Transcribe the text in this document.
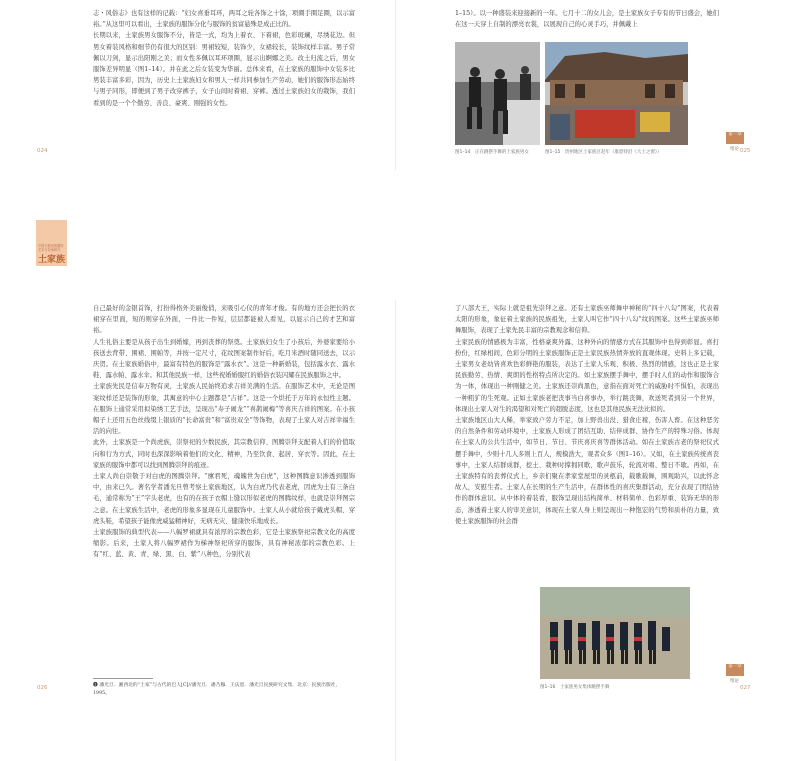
志・风俗志》也有这样的记载：“妇女喜垂耳环，两耳之轮各饰之十馀，项圈手圈足圈，以示富裕。”从这里可以看出，土家族的服饰分化与服饰的贫富悬殊是成正比的。
长期以来，土家族男女服饰不分，皆是一式，均为上着衣、下着裙，色彩斑斓，尽绣花边。但男女着装风格和细节仍有很大的区别：男裙较短，装饰少，女裙较长，装饰纹样丰富。男子常佩以刀剑，显示出阳刚之美；而女性多佩以耳环项圈，显示出婀娜之美。改土归流之后，男女服饰差异明显（图1–14）。并在此之后女装变为华丽。总体来看，在土家族的服饰中女装多比男装丰富多彩，因为，历史上土家族妇女和男人一样共同参加生产劳动，她们的服饰形态始终与男子同形，即便到了男子改穿裤子，女子山间时着裙、穿裤。透过土家族妇女的栽饰，我们看到的是一个个勤劳、善良、豪爽、刚强的女性。
024
1–15）。以一种盛装来迎接新的一年。七月十二的女儿会，是土家族女子专有的节日盛会，她们在这一天穿上自制的漂亮衣裳，以展现自己的心灵手巧，并佩戴上
图1–14　正在跳摆手舞的土家族男女	图1–15　贵州地区土家族过赶年（康恩特沿《大土之窗》）
第一章
绪论 025
中国少数民族服饰艺术与传承研究
土家族
自己最好的金银首饰，打扮得格外美丽俊俏，来吸引心仪的青年才俊。有的地方还会把长的衣裙穿在里面，短的则穿在外面，一件比一件短，层层都能被人看见，以显示自己的才艺和富裕。
人生礼俗主要是从孩子出生到婚嫁，再到丧葬的祭奠。土家族妇女生了小孩后，外婆家要给小孩送去背带、围裙、围帕等，并按一定尺寸，花纹图案制作好后，吃月米酒时随同送去，以示庆贺。在土家族婚俗中，最富有特色的服饰是“露水衣”。这是一种新婚装，包括露水衣、露水鞋、露水帕、露水伞。和其他民族一样，这些祝婚婚服红的婚俗衣装闪耀在民族服饰之中。
土家族先民是信奉万物有灵，土家族人民始终追求吉祥美满的生活。在服饰艺术中，无论是图案纹样还是装饰的形象，其寓意的中心主题都是“吉祥”。这是一个烘托于万年的永恒性主题。在服饰上通常采用拟染绣工艺手法，呈现出“寿子闹龙”“喜鹊闹梅”等喜庆吉祥的图案。在小孩帽子上还用五色丝线缀上银质的“长命富贵”和“富贵双全”等饰物，表现了土家人对吉祥幸福生活的向往。
此外，土家族是一个尚虎族，崇祭祀的少数民族，其宗教信仰、图腾崇拜支配着人们的价值取向和行为方式，同时也深深影响着他们的文化、精神，乃至饮食、起居、穿衣等。因此，在土家族的服饰中都可以找到图腾崇拜的痕迹。
土家人尚白崇敬于对白虎的图腾崇拜。“廪君死，魂魄世为白虎”，这种图腾意识渗透到服饰中，由来已久。著名学者潘光旦曾考察土家族地区，认为白虎乃代表老虎，因虎为土有三条白毛，通常称为“王”字头老虎，也有的在孩子衣帽上缝以形似老虎的图腾纹样，也就是崇拜图宗之意。在土家族生活中，老虎的形象多显现在儿童服饰中。土家人从小就给孩子戴虎头帽、穿虎头鞋，希望孩子能像虎威猛精神好，无病无灾、健康快乐地成长。
土家族服饰的典型代表——八幅罗裙就具有浓厚的宗教色彩，它是土家族祭祀宗教文化的高度缩影。后来，土家人将八幅罗裙作为梯神祭祀所穿的服饰，具有神秘浓郁的宗教色彩。上有“红、蓝、黄、青、绿、黑、白、紫”八种色，分别代表
❶ 潘光旦．湘西北的“土家”与古代的巴人[C]//潘光旦．潘乃穆．王庆恩．潘光旦民族研究文集．北京：民族出版社，1995。
026
了八部大王，实际上就是祖先崇拜之意。还有土家族巫师舞中神秘的“四十八勾”图案，代表着太阳的形象，象征着土家族的民族祖先，土家人叫它作“四十八勾”纹的图案。这些土家族巫师舞服饰，表现了土家先民丰富的宗教观念和信仰。
土家民族的情感极为丰富，性格豪爽外露，这种外向的情感方式在其服饰中也得到彰显。喜打扮份，红绿相间，色彩分明的土家族服饰正是土家民族热情奔放的直观体现。史料上多记载，土家男女老幼皆喜欢色彩鲜艳的服装，表达了土家人乐观、积极、热烈的情感，这也正是土家民族勤劳、热情、爽朗的性格特点所决定的。如土家族摆手舞中，摆手时人们的动作和服饰合为一体，体现出一种刚健之美。土家族还崇尚黑色，意指在面对死亡的威胁时不惧怕，表现出一种粗犷的生死观。正如土家族老把丧事当白喜事办，举行跳丧舞，欢送死者到另一个世界，体现出土家人对生的渴望和对死亡的超脱态度，这也是其他民族无法比拟的。
土家族地区山大人稀，举家致户劳力不足，加上野兽出没、猎食庄稼、伤害人畜。在这种恶劣的自然条件和劳动环境中，土家族人形成了团结互助、结伴成群、协作生产的特殊习俗。体现在土家人的公共生活中，如节日、节日、节庆喜庆喜等群体活动。如在土家族古老的祭祀仪式摆手舞中，少则十几人多则上百人，规模浩大，观者众多（图1–16）。又如，在土家族传统喜丧事中，土家人结群成群，挖土、栽种时撑拥同歌，歌声鼓乐，轮流对唱、整日不歇。再如，在土家族特有的丧葬仪式上，乡亲们聚在孝家堂屋里的灵柩前，载歌载舞，围观助兴，以此怀念故人，安慰生者。土家人在长期的生产生活中，在群体性的喜庆集群活动，充分表现了团结协作的群体意识。从中体的着装看，服饰呈现出结构简单、材料简单、色彩厚重、装饰无华的形态，渗透着土家人的审美意识，体现在土家人身上则呈现出一种饱宏的气势和质朴的力量，致使土家族服饰的社会群
图1–16　土家族男女集体跳摆手舞
第一章
绪论
027
